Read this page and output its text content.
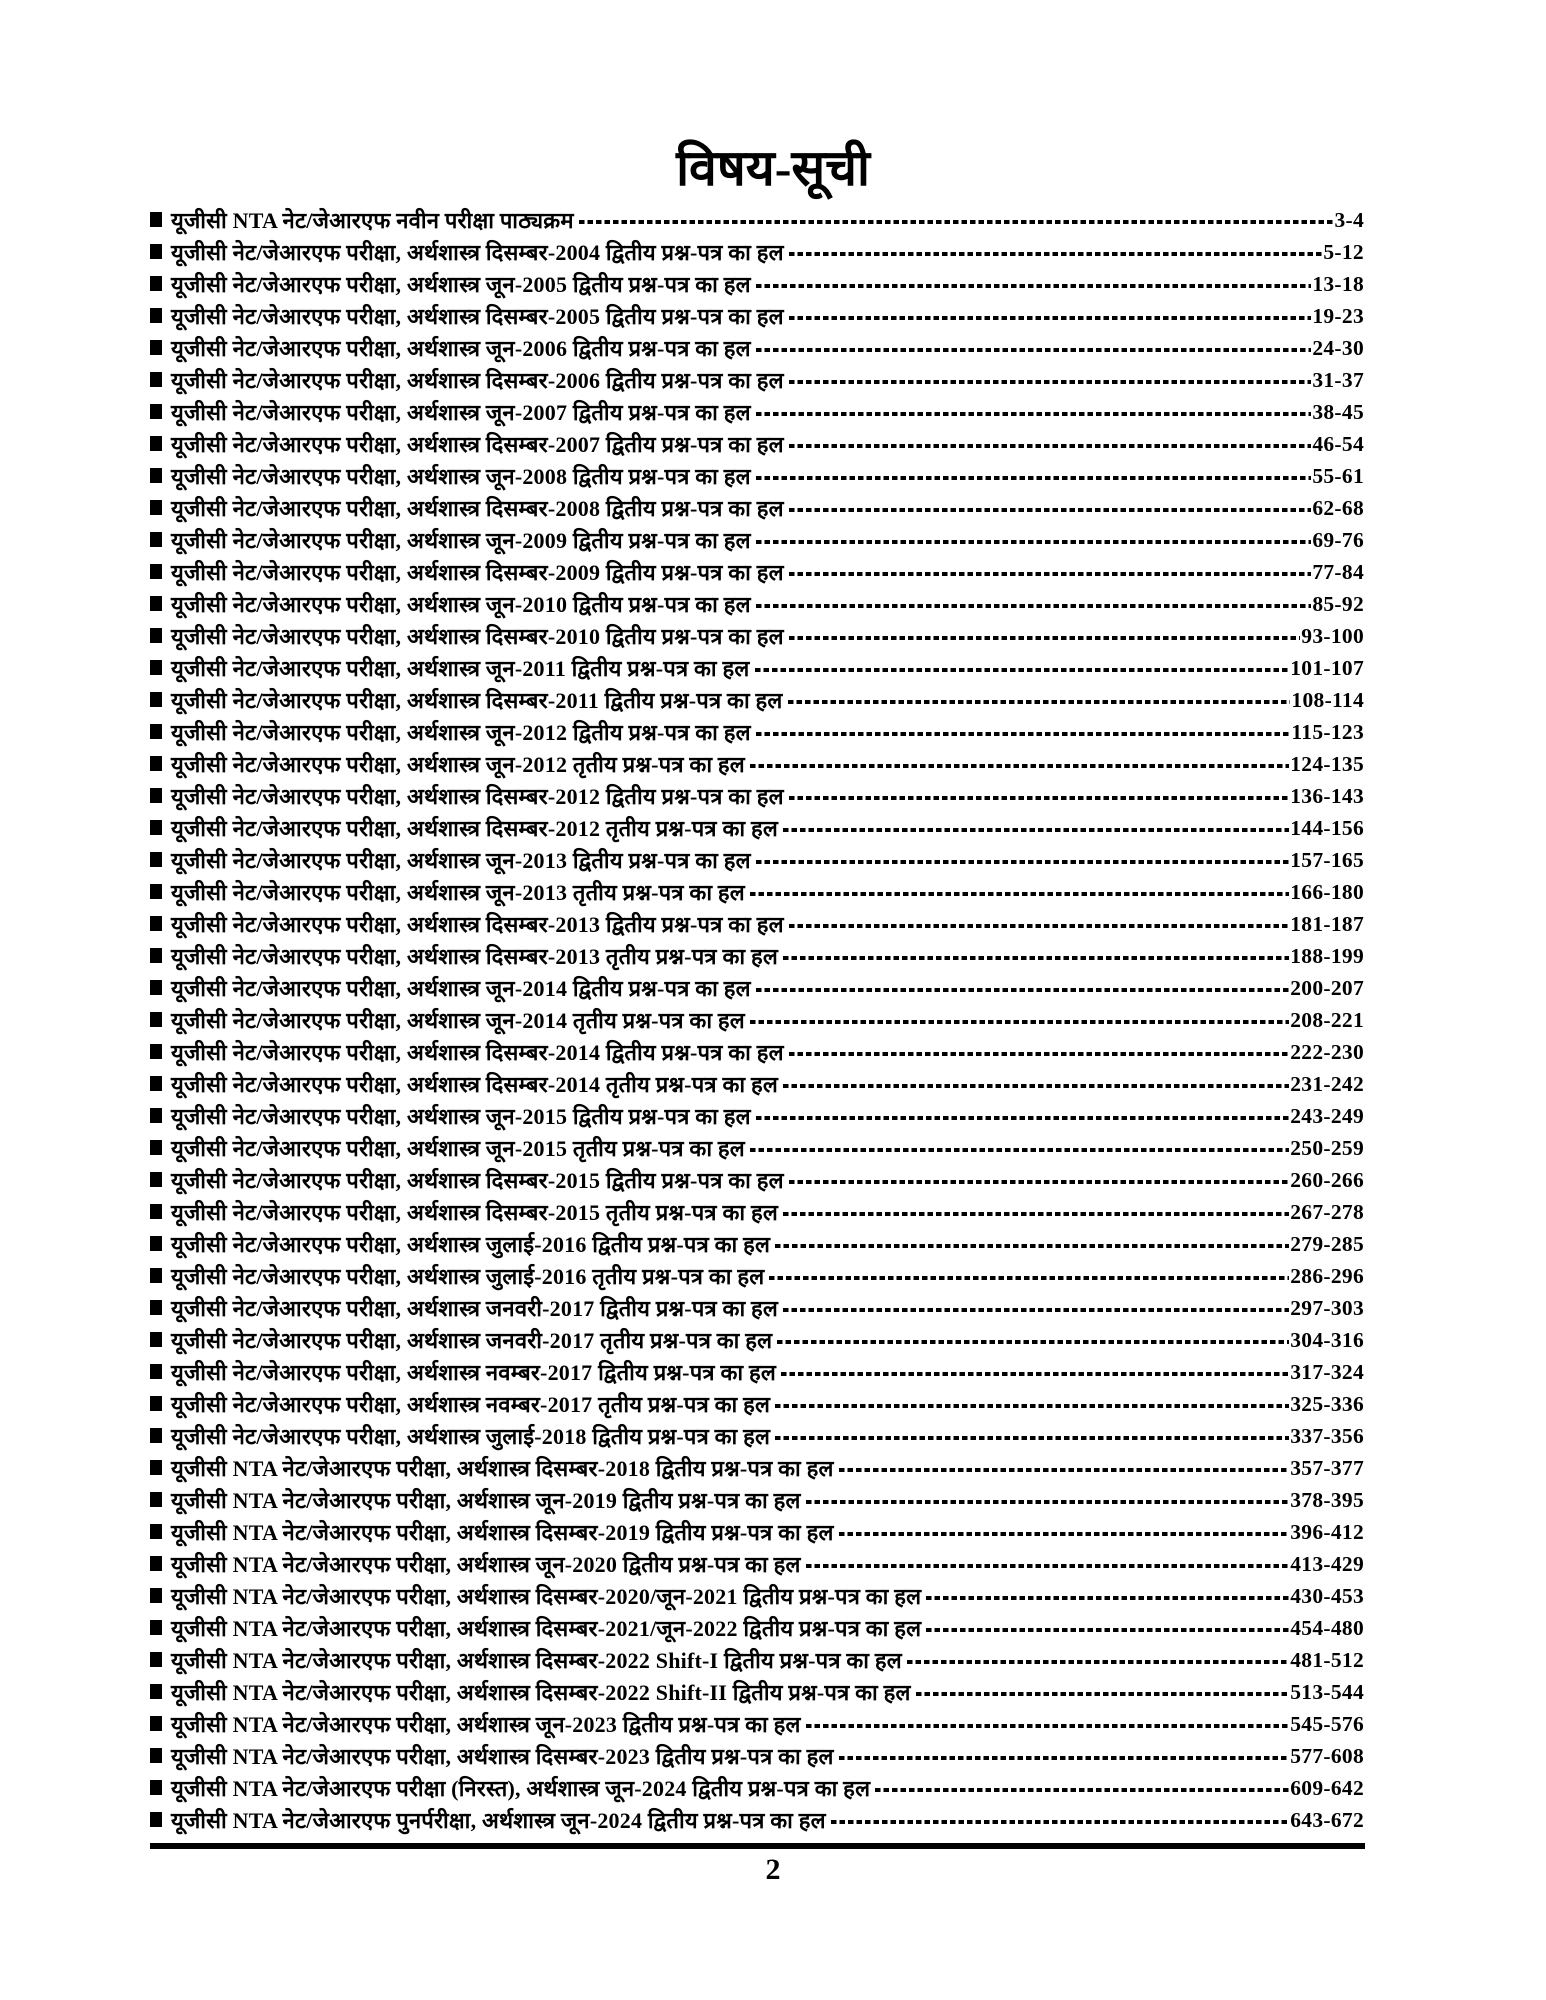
विषय-सूची
यूजीसी NTA नेट/जेआरएफ नवीन परीक्षा पाठ्यक्रम	3-4
यूजीसी नेट/जेआरएफ परीक्षा, अर्थशास्त्र दिसम्बर-2004 द्वितीय प्रश्न-पत्र का हल	5-12
यूजीसी नेट/जेआरएफ परीक्षा, अर्थशास्त्र जून-2005 द्वितीय प्रश्न-पत्र का हल	13-18
यूजीसी नेट/जेआरएफ परीक्षा, अर्थशास्त्र दिसम्बर-2005 द्वितीय प्रश्न-पत्र का हल	19-23
यूजीसी नेट/जेआरएफ परीक्षा, अर्थशास्त्र जून-2006 द्वितीय प्रश्न-पत्र का हल	24-30
यूजीसी नेट/जेआरएफ परीक्षा, अर्थशास्त्र दिसम्बर-2006 द्वितीय प्रश्न-पत्र का हल	31-37
यूजीसी नेट/जेआरएफ परीक्षा, अर्थशास्त्र जून-2007 द्वितीय प्रश्न-पत्र का हल	38-45
यूजीसी नेट/जेआरएफ परीक्षा, अर्थशास्त्र दिसम्बर-2007 द्वितीय प्रश्न-पत्र का हल	46-54
यूजीसी नेट/जेआरएफ परीक्षा, अर्थशास्त्र जून-2008 द्वितीय प्रश्न-पत्र का हल	55-61
यूजीसी नेट/जेआरएफ परीक्षा, अर्थशास्त्र दिसम्बर-2008 द्वितीय प्रश्न-पत्र का हल	62-68
यूजीसी नेट/जेआरएफ परीक्षा, अर्थशास्त्र जून-2009 द्वितीय प्रश्न-पत्र का हल	69-76
यूजीसी नेट/जेआरएफ परीक्षा, अर्थशास्त्र दिसम्बर-2009 द्वितीय प्रश्न-पत्र का हल	77-84
यूजीसी नेट/जेआरएफ परीक्षा, अर्थशास्त्र जून-2010 द्वितीय प्रश्न-पत्र का हल	85-92
यूजीसी नेट/जेआरएफ परीक्षा, अर्थशास्त्र दिसम्बर-2010 द्वितीय प्रश्न-पत्र का हल	93-100
यूजीसी नेट/जेआरएफ परीक्षा, अर्थशास्त्र जून-2011 द्वितीय प्रश्न-पत्र का हल	101-107
यूजीसी नेट/जेआरएफ परीक्षा, अर्थशास्त्र दिसम्बर-2011 द्वितीय प्रश्न-पत्र का हल	108-114
यूजीसी नेट/जेआरएफ परीक्षा, अर्थशास्त्र जून-2012 द्वितीय प्रश्न-पत्र का हल	115-123
यूजीसी नेट/जेआरएफ परीक्षा, अर्थशास्त्र जून-2012 तृतीय प्रश्न-पत्र का हल	124-135
यूजीसी नेट/जेआरएफ परीक्षा, अर्थशास्त्र दिसम्बर-2012 द्वितीय प्रश्न-पत्र का हल	136-143
यूजीसी नेट/जेआरएफ परीक्षा, अर्थशास्त्र दिसम्बर-2012 तृतीय प्रश्न-पत्र का हल	144-156
यूजीसी नेट/जेआरएफ परीक्षा, अर्थशास्त्र जून-2013 द्वितीय प्रश्न-पत्र का हल	157-165
यूजीसी नेट/जेआरएफ परीक्षा, अर्थशास्त्र जून-2013 तृतीय प्रश्न-पत्र का हल	166-180
यूजीसी नेट/जेआरएफ परीक्षा, अर्थशास्त्र दिसम्बर-2013 द्वितीय प्रश्न-पत्र का हल	181-187
यूजीसी नेट/जेआरएफ परीक्षा, अर्थशास्त्र दिसम्बर-2013 तृतीय प्रश्न-पत्र का हल	188-199
यूजीसी नेट/जेआरएफ परीक्षा, अर्थशास्त्र जून-2014 द्वितीय प्रश्न-पत्र का हल	200-207
यूजीसी नेट/जेआरएफ परीक्षा, अर्थशास्त्र जून-2014 तृतीय प्रश्न-पत्र का हल	208-221
यूजीसी नेट/जेआरएफ परीक्षा, अर्थशास्त्र दिसम्बर-2014 द्वितीय प्रश्न-पत्र का हल	222-230
यूजीसी नेट/जेआरएफ परीक्षा, अर्थशास्त्र दिसम्बर-2014 तृतीय प्रश्न-पत्र का हल	231-242
यूजीसी नेट/जेआरएफ परीक्षा, अर्थशास्त्र जून-2015 द्वितीय प्रश्न-पत्र का हल	243-249
यूजीसी नेट/जेआरएफ परीक्षा, अर्थशास्त्र जून-2015 तृतीय प्रश्न-पत्र का हल	250-259
यूजीसी नेट/जेआरएफ परीक्षा, अर्थशास्त्र दिसम्बर-2015 द्वितीय प्रश्न-पत्र का हल	260-266
यूजीसी नेट/जेआरएफ परीक्षा, अर्थशास्त्र दिसम्बर-2015 तृतीय प्रश्न-पत्र का हल	267-278
यूजीसी नेट/जेआरएफ परीक्षा, अर्थशास्त्र जुलाई-2016 द्वितीय प्रश्न-पत्र का हल	279-285
यूजीसी नेट/जेआरएफ परीक्षा, अर्थशास्त्र जुलाई-2016 तृतीय प्रश्न-पत्र का हल	286-296
यूजीसी नेट/जेआरएफ परीक्षा, अर्थशास्त्र जनवरी-2017 द्वितीय प्रश्न-पत्र का हल	297-303
यूजीसी नेट/जेआरएफ परीक्षा, अर्थशास्त्र जनवरी-2017 तृतीय प्रश्न-पत्र का हल	304-316
यूजीसी नेट/जेआरएफ परीक्षा, अर्थशास्त्र नवम्बर-2017 द्वितीय प्रश्न-पत्र का हल	317-324
यूजीसी नेट/जेआरएफ परीक्षा, अर्थशास्त्र नवम्बर-2017 तृतीय प्रश्न-पत्र का हल	325-336
यूजीसी नेट/जेआरएफ परीक्षा, अर्थशास्त्र जुलाई-2018 द्वितीय प्रश्न-पत्र का हल	337-356
यूजीसी NTA नेट/जेआरएफ परीक्षा, अर्थशास्त्र दिसम्बर-2018 द्वितीय प्रश्न-पत्र का हल	357-377
यूजीसी NTA नेट/जेआरएफ परीक्षा, अर्थशास्त्र जून-2019 द्वितीय प्रश्न-पत्र का हल	378-395
यूजीसी NTA नेट/जेआरएफ परीक्षा, अर्थशास्त्र दिसम्बर-2019 द्वितीय प्रश्न-पत्र का हल	396-412
यूजीसी NTA नेट/जेआरएफ परीक्षा, अर्थशास्त्र जून-2020 द्वितीय प्रश्न-पत्र का हल	413-429
यूजीसी NTA नेट/जेआरएफ परीक्षा, अर्थशास्त्र दिसम्बर-2020/जून-2021 द्वितीय प्रश्न-पत्र का हल	430-453
यूजीसी NTA नेट/जेआरएफ परीक्षा, अर्थशास्त्र दिसम्बर-2021/जून-2022 द्वितीय प्रश्न-पत्र का हल	454-480
यूजीसी NTA नेट/जेआरएफ परीक्षा, अर्थशास्त्र दिसम्बर-2022 Shift-I द्वितीय प्रश्न-पत्र का हल	481-512
यूजीसी NTA नेट/जेआरएफ परीक्षा, अर्थशास्त्र दिसम्बर-2022 Shift-II द्वितीय प्रश्न-पत्र का हल	513-544
यूजीसी NTA नेट/जेआरएफ परीक्षा, अर्थशास्त्र जून-2023 द्वितीय प्रश्न-पत्र का हल	545-576
यूजीसी NTA नेट/जेआरएफ परीक्षा, अर्थशास्त्र दिसम्बर-2023 द्वितीय प्रश्न-पत्र का हल	577-608
यूजीसी NTA नेट/जेआरएफ परीक्षा (निरस्त), अर्थशास्त्र जून-2024 द्वितीय प्रश्न-पत्र का हल	609-642
यूजीसी NTA नेट/जेआरएफ पुनर्परीक्षा, अर्थशास्त्र जून-2024 द्वितीय प्रश्न-पत्र का हल	643-672
2
